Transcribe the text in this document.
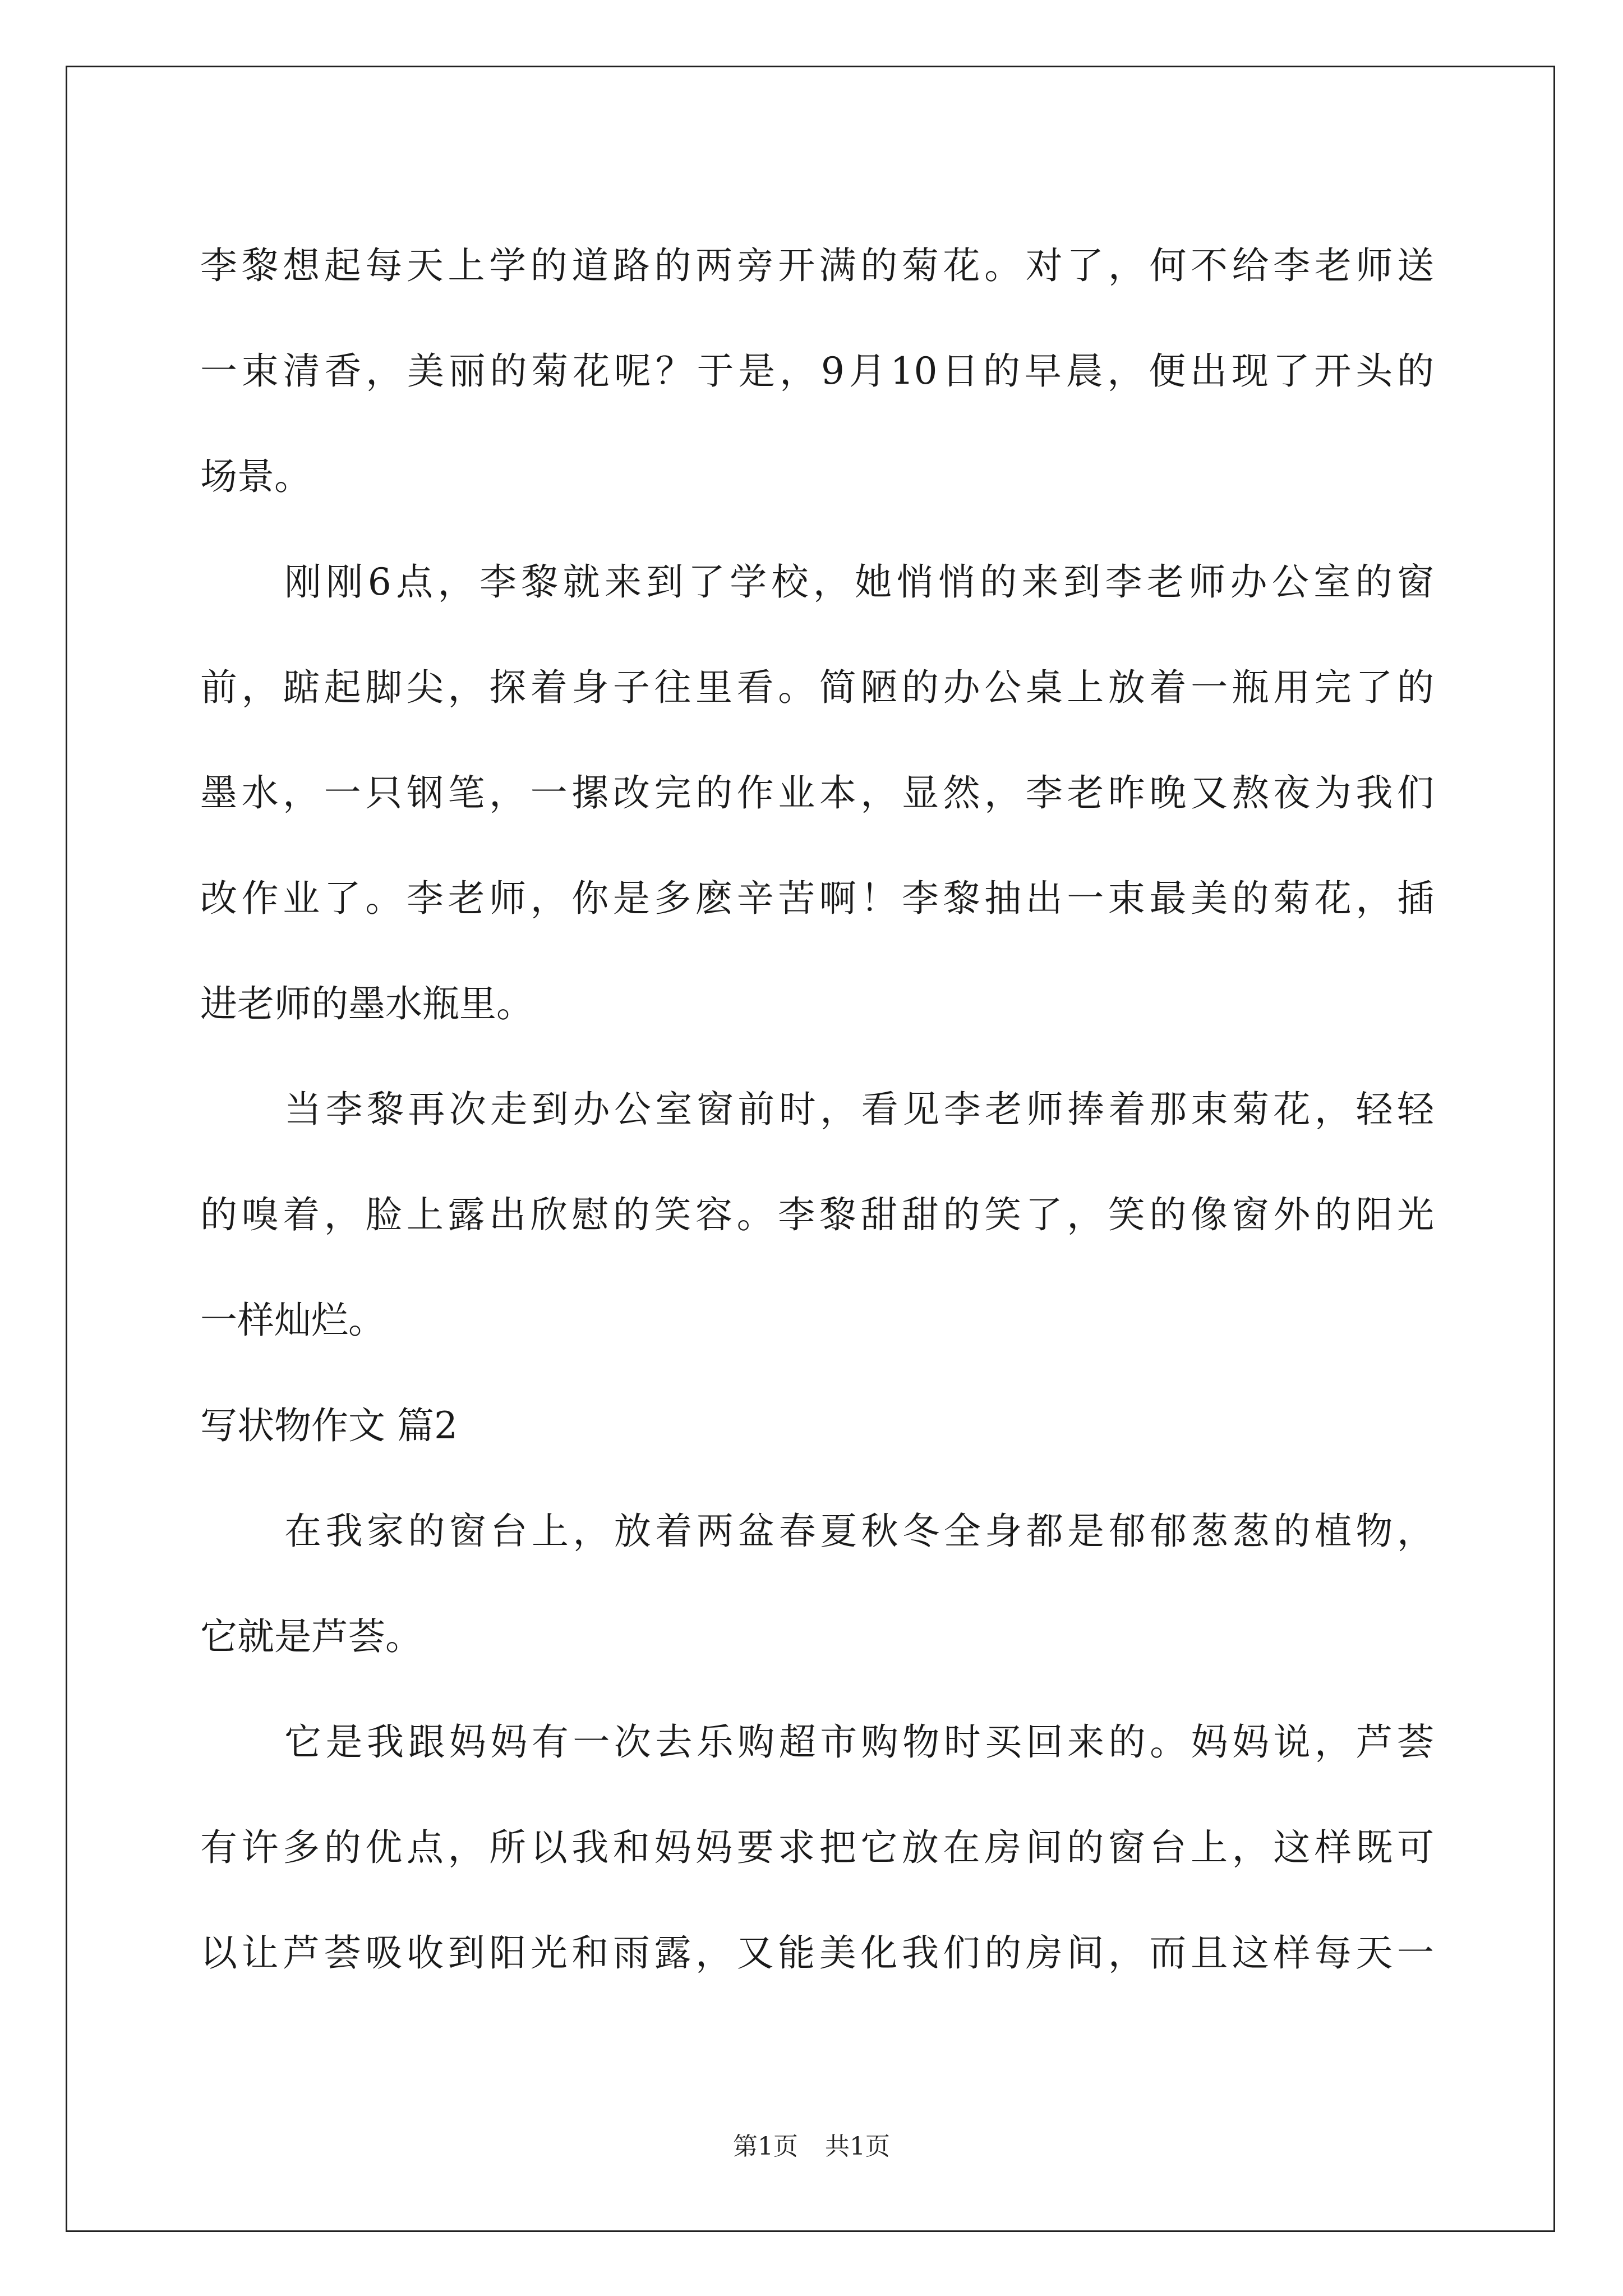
李黎想起每天上学的道路的两旁开满的菊花。对了，何不给李老师送
一束清香，美丽的菊花呢？于是，9月10日的早晨，便出现了开头的
场景。
刚刚6点，李黎就来到了学校，她悄悄的来到李老师办公室的窗
前，踮起脚尖，探着身子往里看。简陋的办公桌上放着一瓶用完了的
墨水，一只钢笔，一摞改完的作业本，显然，李老昨晚又熬夜为我们
改作业了。李老师，你是多麽辛苦啊！李黎抽出一束最美的菊花，插
进老师的墨水瓶里。
当李黎再次走到办公室窗前时，看见李老师捧着那束菊花，轻轻
的嗅着，脸上露出欣慰的笑容。李黎甜甜的笑了，笑的像窗外的阳光
一样灿烂。
写状物作文 篇2
在我家的窗台上，放着两盆春夏秋冬全身都是郁郁葱葱的植物，
它就是芦荟。
它是我跟妈妈有一次去乐购超市购物时买回来的。妈妈说，芦荟
有许多的优点，所以我和妈妈要求把它放在房间的窗台上，这样既可
以让芦荟吸收到阳光和雨露，又能美化我们的房间，而且这样每天一
第1页 共1页
